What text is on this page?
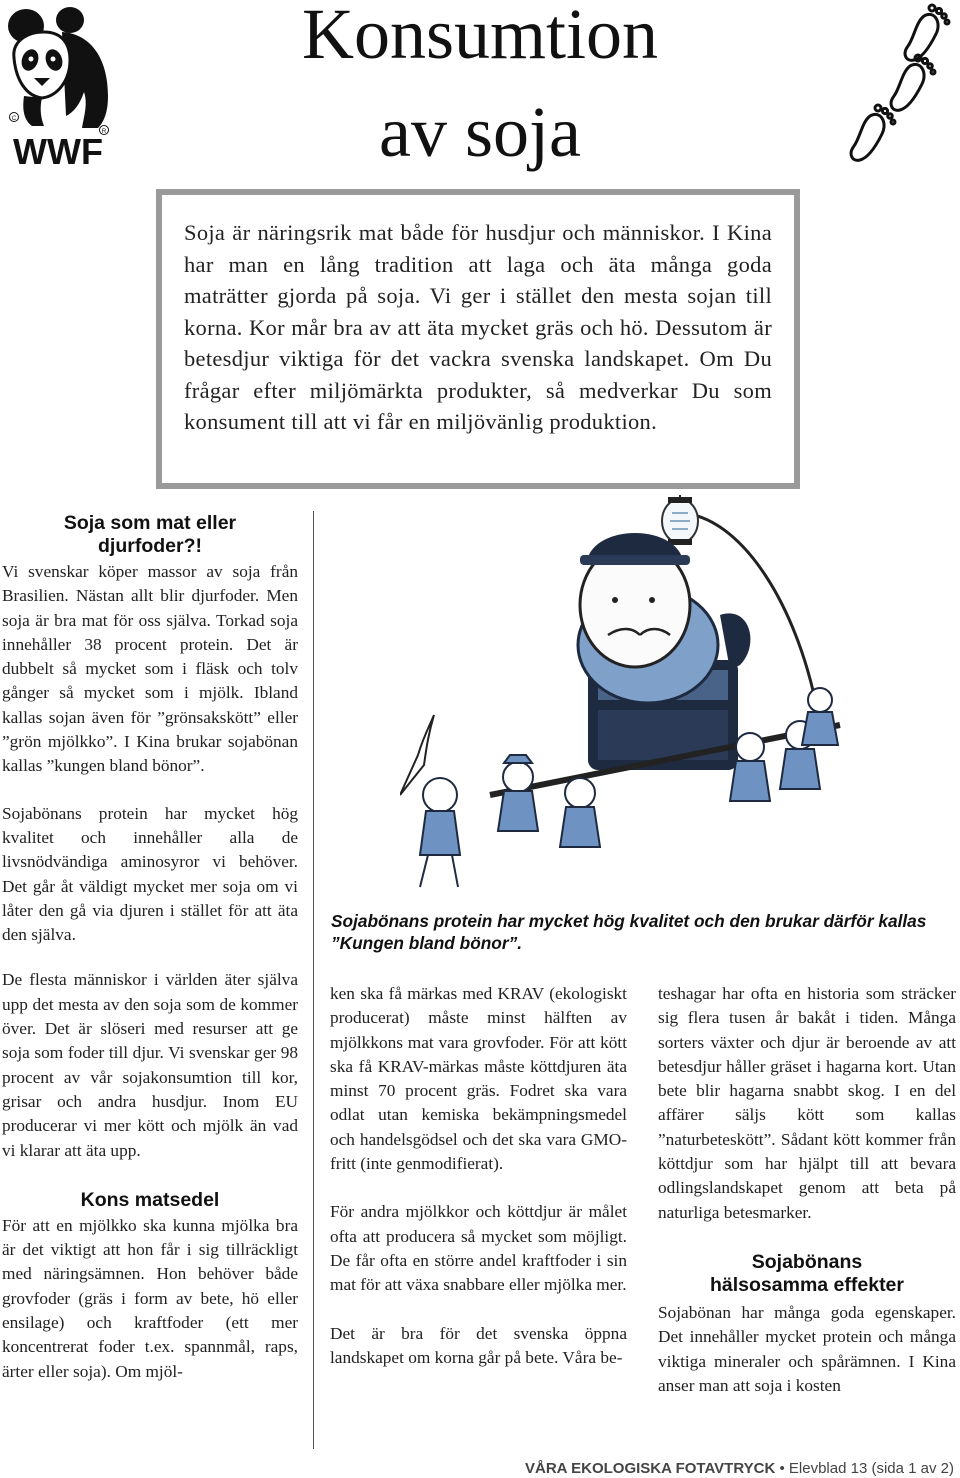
C
R
WWF
Konsumtion
av soja

Soja är näringsrik mat både för husdjur och människor. I Kina har man en lång tradition att laga och äta många goda maträtter gjorda på soja. Vi ger i stället den mesta sojan till korna. Kor mår bra av att äta mycket gräs och hö. Dessutom är betesdjur viktiga för det vackra svenska landskapet. Om Du frågar efter miljömärkta produkter, så medverkar Du som konsument till att vi får en miljövänlig produktion.

Soja som mat eller djurfoder?!

Vi svenskar köper massor av soja från Brasilien. Nästan allt blir djurfoder. Men soja är bra mat för oss själva. Torkad soja innehåller 38 procent protein. Det är dubbelt så mycket som i fläsk och tolv gånger så mycket som i mjölk. Ibland kallas sojan även för ”grönsakskött” eller ”grön mjölkko”. I Kina brukar sojabönan kallas ”kungen bland bönor”.

Sojabönans protein har mycket hög kvalitet och innehåller alla de livsnödvändiga aminosyror vi behöver. Det går åt väldigt mycket mer soja om vi låter den gå via djuren i stället för att äta den själva.

De flesta människor i världen äter själva upp det mesta av den soja som de kommer över. Det är slöseri med resurser att ge soja som foder till djur. Vi svenskar ger 98 procent av vår sojakonsumtion till kor, grisar och andra husdjur. Inom EU producerar vi mer kött och mjölk än vad vi klarar att äta upp.

Kons matsedel

För att en mjölkko ska kunna mjölka bra är det viktigt att hon får i sig tillräckligt med näringsämnen. Hon behöver både grovfoder (gräs i form av bete, hö eller ensilage) och kraftfoder (ett mer koncentrerat foder t.ex. spannmål, raps, ärter eller soja). Om mjöl-

Sojabönans protein har mycket hög kvalitet och den brukar därför kallas ”Kungen bland bönor”.

ken ska få märkas med KRAV (ekologiskt producerat) måste minst hälften av mjölkkons mat vara grovfoder. För att kött ska få KRAV-märkas måste köttdjuren äta minst 70 procent gräs. Fodret ska vara odlat utan kemiska bekämpningsmedel och handelsgödsel och det ska vara GMO-fritt (inte genmodifierat).

För andra mjölkkor och köttdjur är målet ofta att producera så mycket som möjligt. De får ofta en större andel kraftfoder i sin mat för att växa snabbare eller mjölka mer.

Det är bra för det svenska öppna landskapet om korna går på bete. Våra be-

teshagar har ofta en historia som sträcker sig flera tusen år bakåt i tiden. Många sorters växter och djur är beroende av att betesdjur håller gräset i hagarna kort. Utan bete blir hagarna snabbt skog. I en del affärer säljs kött som kallas ”naturbeteskött”. Sådant kött kommer från köttdjur som har hjälpt till att bevara odlingslandskapet genom att beta på naturliga betesmarker.

Sojabönans hälsosamma effekter

Sojabönan har många goda egenskaper. Det innehåller mycket protein och många viktiga mineraler och spårämnen. I Kina anser man att soja i kosten

VÅRA EKOLOGISKA FOTAVTRYCK • Elevblad 13 (sida 1 av 2)
